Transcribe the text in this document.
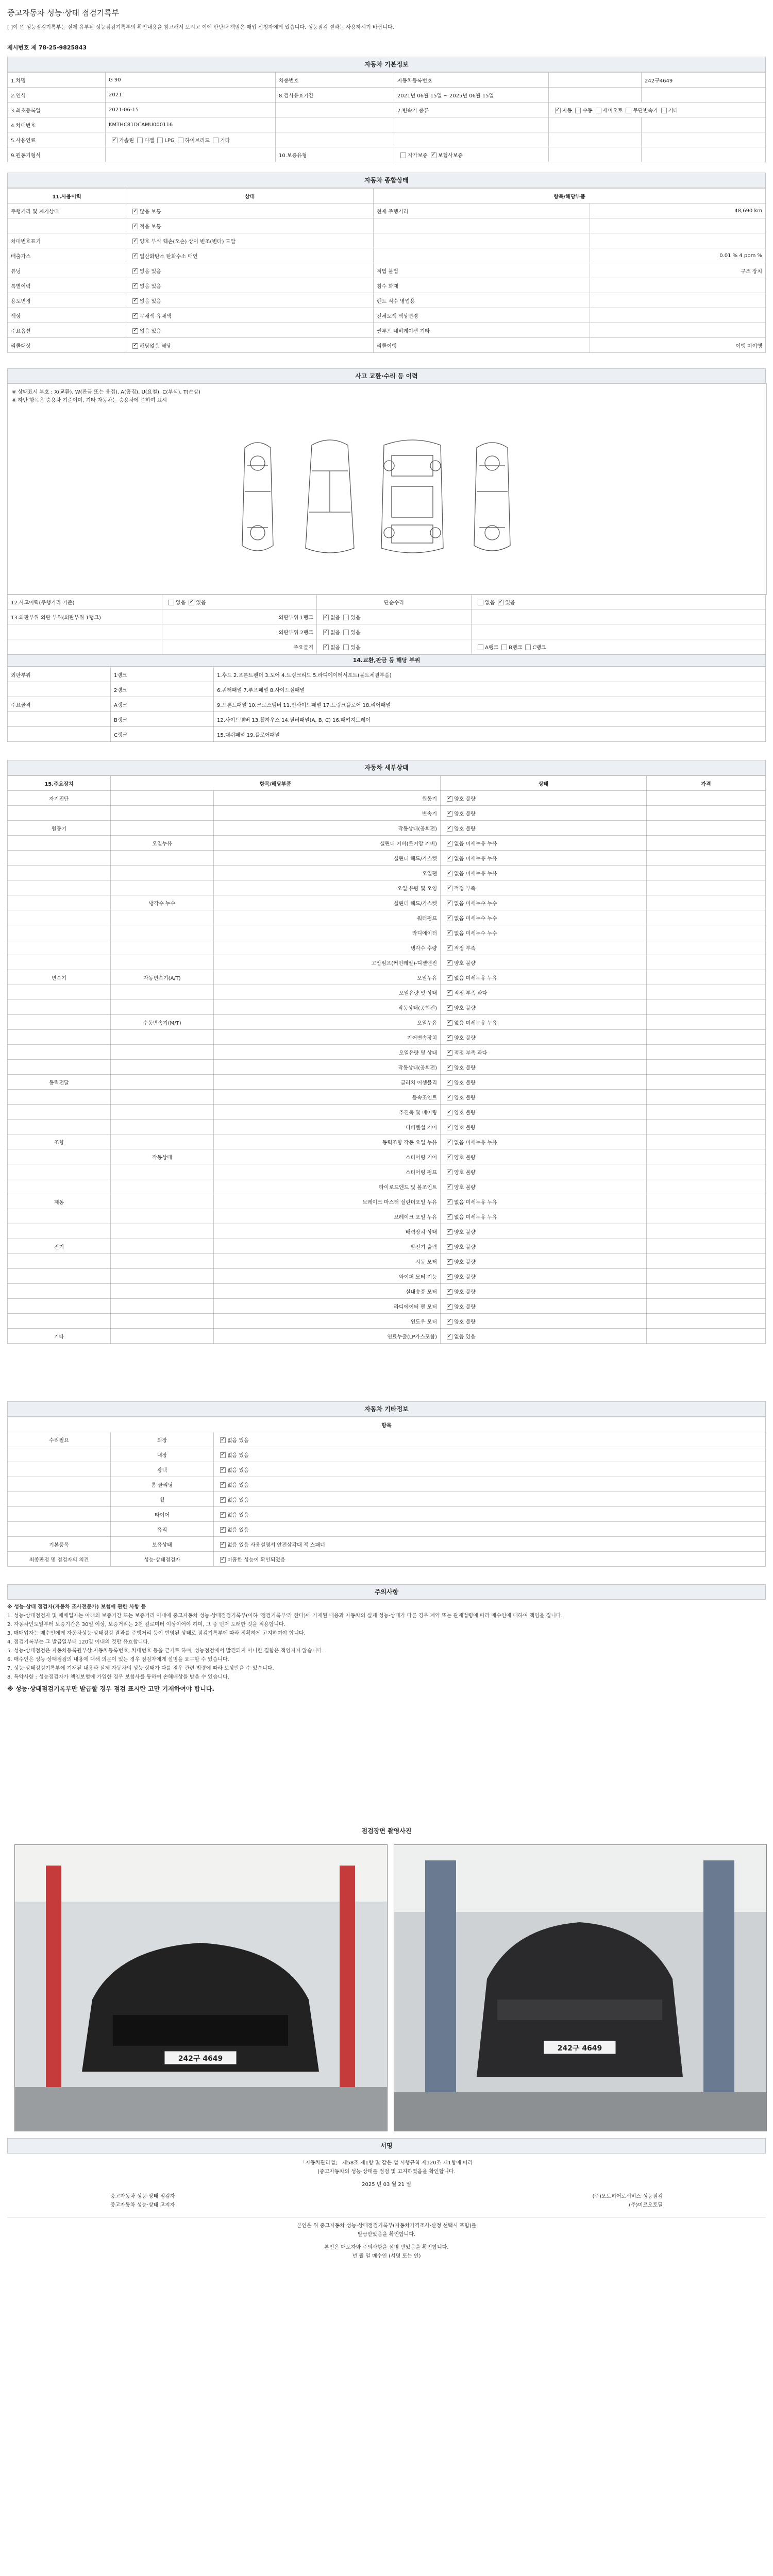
중고자동차 성능·상태 점검기록부
[ ]이 뜬 성능점검기록부는 실제 유부된 성능점검기록부의 확인내용을 참고해서 보시고 이에 판단과 책임은 매입 신청자에게 있습니다. 성능점검 결과는 사용하시기 바랍니다.
제시번호 제 78-25-9825843
자동차 기본정보
1.차명	G 90	차종번호	자동차등록번호		242구4649
2.연식	2021	8.검사유효기간	2021년 06월 15일 ~ 2025년 06월 15일		
3.최초등록일	2021-06-15		7.변속기 종류	✓자동 수동 세미오토 무단변속기 기타
4.차대번호	KMTHC81DCAMU000116				
5.사용연료	✓가솔린 디젤 LPG 하이브리드 기타				
9.원동기형식		10.보증유형	자가보증 ✓ 보험사보증		
자동차 종합상태
11.사용이력	상태	항목/해당부품	
주행거리 및 계기상태	✓많음 보통	현재 주행거리	48,690 km
	✓적음 보통		
차대번호표기	✓양호 부식 훼손(오손) 상이 변조(변타) 도말		
배출가스	✓일산화탄소 탄화수소 매연		0.01 % 4 ppm %
튜닝	✓없음 있음	적법 불법	구조 장치
특별이력	✓없음 있음	침수 화재	
용도변경	✓없음 있음	렌트 직수 영업용	
색상	✓무채색 유채색	전체도색 색상변경	
주요옵션	✓없음 있음	썬루프 네비게이션 기타	
리콜대상	✓해당없음 해당	리콜이행	이행 미이행
사고 교환·수리 등 이력
※ 상태표시 부호 : X(교환), W(판금 또는 용접), A(흠집), U(요철), C(부식), T(손상)
※ 하단 항목은 승용차 기준이며, 기타 자동차는 승용차에 준하여 표시
12.사고이력(주행거리 기준)	없음 ✓ 있음	단순수리	없음 ✓ 있음
13.외판부위 외판 부위(외판부위 1랭크)	외판부위 1랭크	✓없음 있음	
	외판부위 2랭크	✓없음 있음	
	주요골격	✓없음 있음	A랭크 B랭크 C랭크
14.교환,판금 등 해당 부위
외판부위	1랭크	1.후드 2.프론트펜더 3.도어 4.트렁크리드 5.라디에이터서포트(볼트체결부품)
	2랭크	6.쿼터패널 7.루프패널 8.사이드실패널
주요골격	A랭크	9.프론트패널 10.크로스멤버 11.인사이드패널 17.트렁크플로어 18.리어패널
	B랭크	12.사이드멤버 13.휠하우스 14.필러패널(A, B, C) 16.패키지트레이
	C랭크	15.대쉬패널 19.플로어패널
자동차 세부상태
15.주요장치	항목/해당부품		상태	가격
자기진단		원동기	✓양호 불량	
		변속기	✓양호 불량	
원동기		작동상태(공회전)	✓양호 불량	
	오일누유	실린더 커버(로커암 커버)	✓없음 미세누유 누유	
		실린더 헤드/가스켓	✓없음 미세누유 누유	
		오일팬	✓없음 미세누유 누유	
		오일 유량 및 오염	✓적정 부족	
	냉각수 누수	실린더 헤드/가스켓	✓없음 미세누수 누수	
		워터펌프	✓없음 미세누수 누수	
		라디에이터	✓없음 미세누수 누수	
		냉각수 수량	✓적정 부족	
		고압펌프(커먼레일)-디젤엔진	✓양호 불량	
변속기	자동변속기(A/T)	오일누유	✓없음 미세누유 누유	
		오일유량 및 상태	✓적정 부족 과다	
		작동상태(공회전)	✓양호 불량	
	수동변속기(M/T)	오일누유	✓없음 미세누유 누유	
		기어변속장치	✓양호 불량	
		오일유량 및 상태	✓적정 부족 과다	
		작동상태(공회전)	✓양호 불량	
동력전달		클러치 어셈블리	✓양호 불량	
		등속조인트	✓양호 불량	
		추진축 및 베어링	✓양호 불량	
		디퍼렌셜 기어	✓양호 불량	
조향		동력조향 작동 오일 누유	✓없음 미세누유 누유	
	작동상태	스티어링 기어	✓양호 불량	
		스티어링 펌프	✓양호 불량	
		타이로드엔드 및 볼조인트	✓양호 불량	
제동		브레이크 마스터 실린더오일 누유	✓없음 미세누유 누유	
		브레이크 오일 누유	✓없음 미세누유 누유	
		배력장치 상태	✓양호 불량	
전기		발전기 출력	✓양호 불량	
		시동 모터	✓양호 불량	
		와이퍼 모터 기능	✓양호 불량	
		실내송풍 모터	✓양호 불량	
		라디에이터 팬 모터	✓양호 불량	
		윈도우 모터	✓양호 불량	
기타		연료누출(LP가스포함)	✓없음 있음	
자동차 기타정보
항목		
수리필요	외장	✓없음 있음
	내장	✓없음 있음
	광택	✓없음 있음
	룸 클리닝	✓없음 있음
	휠	✓없음 있음
	타이어	✓없음 있음
	유리	✓없음 있음
기본품목	보유상태	✓없음 있음 사용설명서 안전삼각대 잭 스패너
최종판정 및 점검자의 의견	성능·상태점검자	✓미흡한 성능이 확인되었음
주의사항

※ 성능·상태 점검자(자동차 조사전문가) 보험에 관한 사항 등

1. 성능·상태점검자 및 매매업자는 아래의 보증기간 또는 보증거리 이내에 중고자동차 성능·상태점검기록부(이하 '점검기록부'라 한다)에 기재된 내용과 자동차의 실제 성능·상태가 다른 경우 계약 또는 관계법령에 따라 매수인에 대하여 책임을 집니다.

2. 자동차인도일부터 보증기간은 30일 이상, 보증거리는 2천 킬로미터 이상이어야 하며, 그 중 먼저 도래한 것을 적용합니다.

3. 매매업자는 매수인에게 자동차성능·상태점검 결과를 주행거리 등이 반영된 상태로 점검기록부에 따라 정확하게 고지하여야 합니다.

4. 점검기록부는 그 발급일부터 120일 이내의 것만 유효합니다.

5. 성능·상태점검은 자동차등록원부상 자동차등록번호, 차대번호 등을 근거로 하며, 성능점검에서 발견되지 아니한 결함은 책임지지 않습니다.

6. 매수인은 성능·상태점검의 내용에 대해 의문이 있는 경우 점검자에게 설명을 요구할 수 있습니다.

7. 성능·상태점검기록부에 기재된 내용과 실제 자동차의 성능·상태가 다를 경우 관련 법령에 따라 보상받을 수 있습니다.

8. 특약사항 : 성능점검자가 책임보험에 가입한 경우 보험사를 통하여 손해배상을 받을 수 있습니다.

※ 성능·상태점검기록부만 발급할 경우 점검 표시란 고만 기재하여야 합니다.

점검장면 촬영사진
242구 4649
242구 4649
서명
「자동차관리법」 제58조 제1항 및 같은 법 시행규칙 제120조 제1항에 따라
(중고자동차의 성능·상태를 점검 및 고지하였음을 확인합니다.
2025 년 03 월 21 일
중고자동차 성능·상태 점검자	(주)오토히어로서비스 성능점검
중고자동차 성능·상태 고지자	(주)미르오토딜
본인은 위 중고자동차 성능·상태점검기록부(자동차가격조사·산정 선택시 포함)를
발급받았음을 확인합니다.
본인은 매도자와 주의사항을 설명 받았음을 확인합니다.
년 월 일 매수인 (서명 또는 인)
